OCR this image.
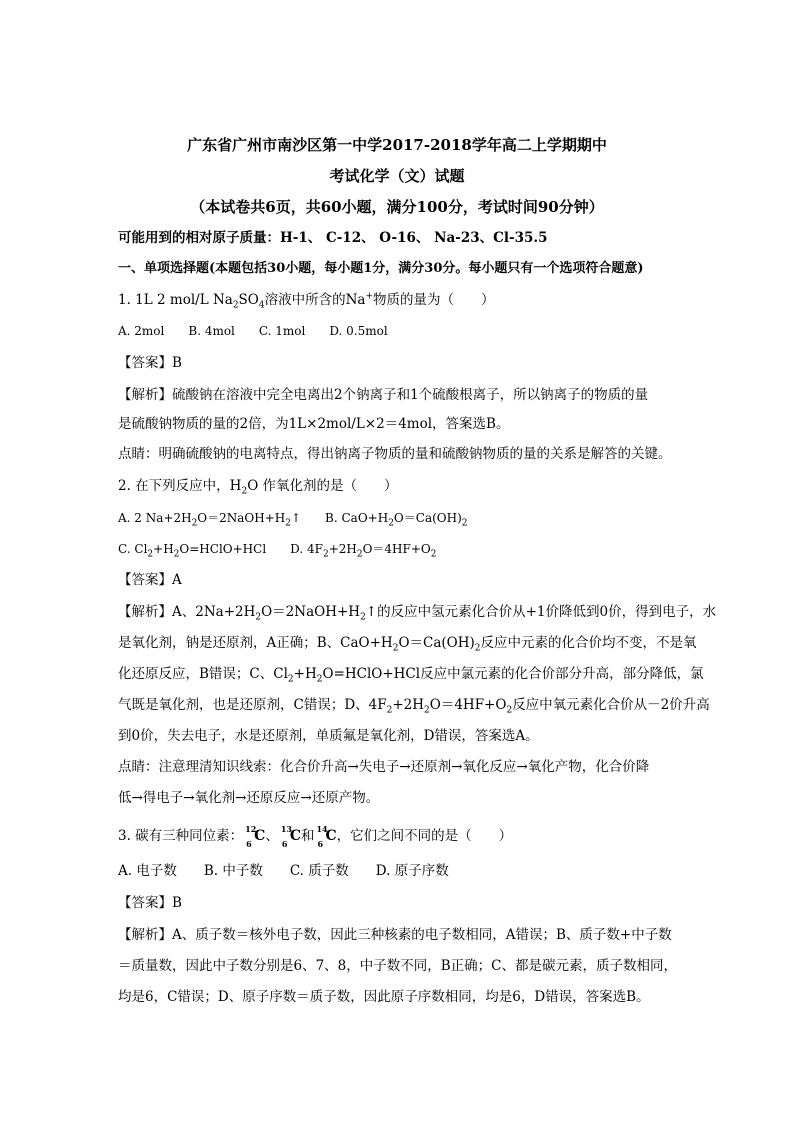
广东省广州市南沙区第一中学2017-2018学年高二上学期期中
考试化学（文）试题
（本试卷共6页，共60小题，满分100分，考试时间90分钟）
可能用到的相对原子质量：H-1、 C-12、 O-16、 Na-23、Cl-35.5
一、单项选择题(本题包括30小题，每小题1分，满分30分。每小题只有一个选项符合题意)
1. 1L 2 mol/L $Na_2SO_4$溶液中所含的Na+物质的量为（　　）
A. 2mol　　B. 4mol　　C. 1mol　　D. 0.5mol
【答案】B
【解析】硫酸钠在溶液中完全电离出2个钠离子和1个硫酸根离子，所以钠离子的物质的量
是硫酸钠物质的量的2倍，为1L×2mol/L×2＝4mol，答案选B。
点睛：明确硫酸钠的电离特点，得出钠离子物质的量和硫酸钠物质的量的关系是解答的关键。
2. 在下列反应中，$H_2O$ 作氧化剂的是（　　）
A. 2 $Na+2H_2O=2NaOH+H_2↑$　　B. $CaO+H_2O=Ca(OH)_2$
C. $Cl_2+H_2O=HClO+HCl$　　D. $4F_2+2H_2O=4HF+O_2$
【答案】A
【解析】A、$2Na+2H_2O=2NaOH+H_2↑$的反应中氢元素化合价从+1价降低到0价，得到电子，水
是氧化剂，钠是还原剂，A正确；B、$CaO+H_2O=Ca(OH)_2$反应中元素的化合价均不变，不是氧
化还原反应，B错误；C、$Cl_2+H_2O=HClO+HCl$反应中氯元素的化合价部分升高，部分降低，氯
气既是氧化剂，也是还原剂，C错误；D、$4F_2+2H_2O=4HF+O_2$反应中氧元素化合价从－2价升高
到0价，失去电子，水是还原剂，单质氟是氧化剂，D错误，答案选A。
点睛：注意理清知识线索：化合价升高→失电子→还原剂→氧化反应→氧化产物，化合价降
低→得电子→氧化剂→还原反应→还原产物。
3. 碳有三种同位素： 12
6 C、 13
6 C和 14
6 C，它们之间不同的是（　　）
A. 电子数　　B. 中子数　　C. 质子数　　D. 原子序数
【答案】B
【解析】A、质子数＝核外电子数，因此三种核素的电子数相同，A错误；B、质子数+中子数
＝质量数，因此中子数分别是6、7、8，中子数不同，B正确；C、都是碳元素，质子数相同，
均是6，C错误；D、原子序数＝质子数，因此原子序数相同，均是6，D错误，答案选B。
